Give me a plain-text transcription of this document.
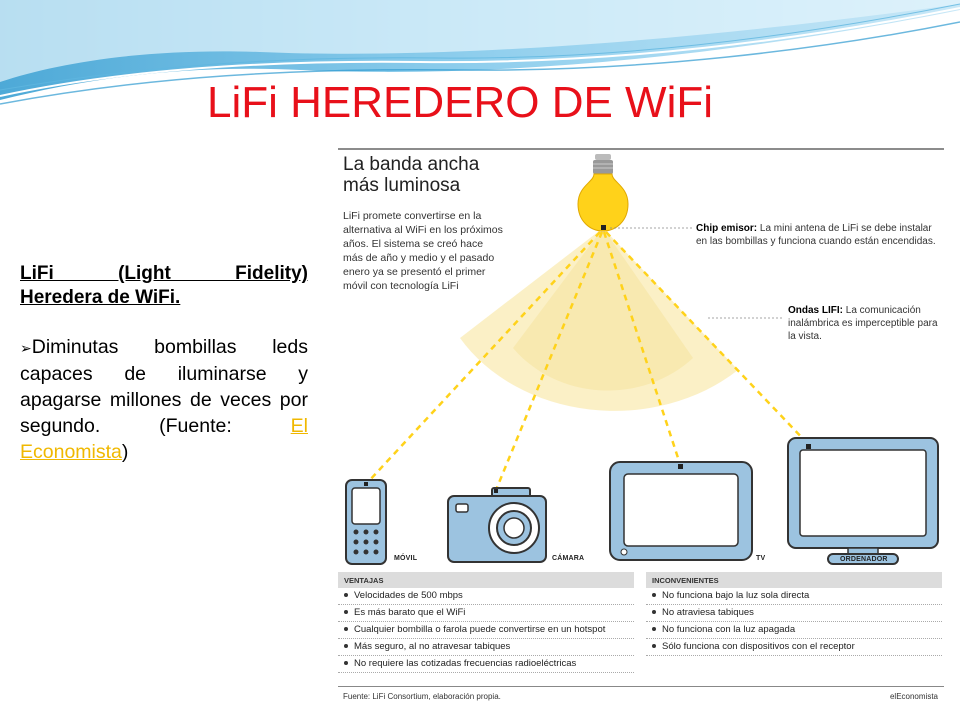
LiFi HEREDERO DE WiFi
LiFi (Light Fidelity)
Heredera de WiFi.
➢Diminutas bombillas leds capaces de iluminarse y apagarse millones de veces por segundo. (Fuente: El Economista)
La banda ancha
más luminosa
LiFi promete convertirse en la alternativa al WiFi en los próximos años. El sistema se creó hace más de año y medio y el pasado enero ya se presentó el primer móvil con tecnología LiFi
Chip emisor: La mini antena de LiFi se debe instalar en las bombillas y funciona cuando están encendidas.
Ondas LIFI: La comunicación inalámbrica es imperceptible para la vista.
MÓVIL	CÁMARA	TV	ORDENADOR
VENTAJAS
Velocidades de 500 mbps
Es más barato que el WiFi
Cualquier bombilla o farola puede convertirse en un hotspot
Más seguro, al no atravesar tabiques
No requiere las cotizadas frecuencias radioeléctricas
INCONVENIENTES
No funciona bajo la luz sola directa
No atraviesa tabiques
No funciona con la luz apagada
Sólo funciona con dispositivos con el receptor
Fuente: LiFi Consortium, elaboración propia.	elEconomista
